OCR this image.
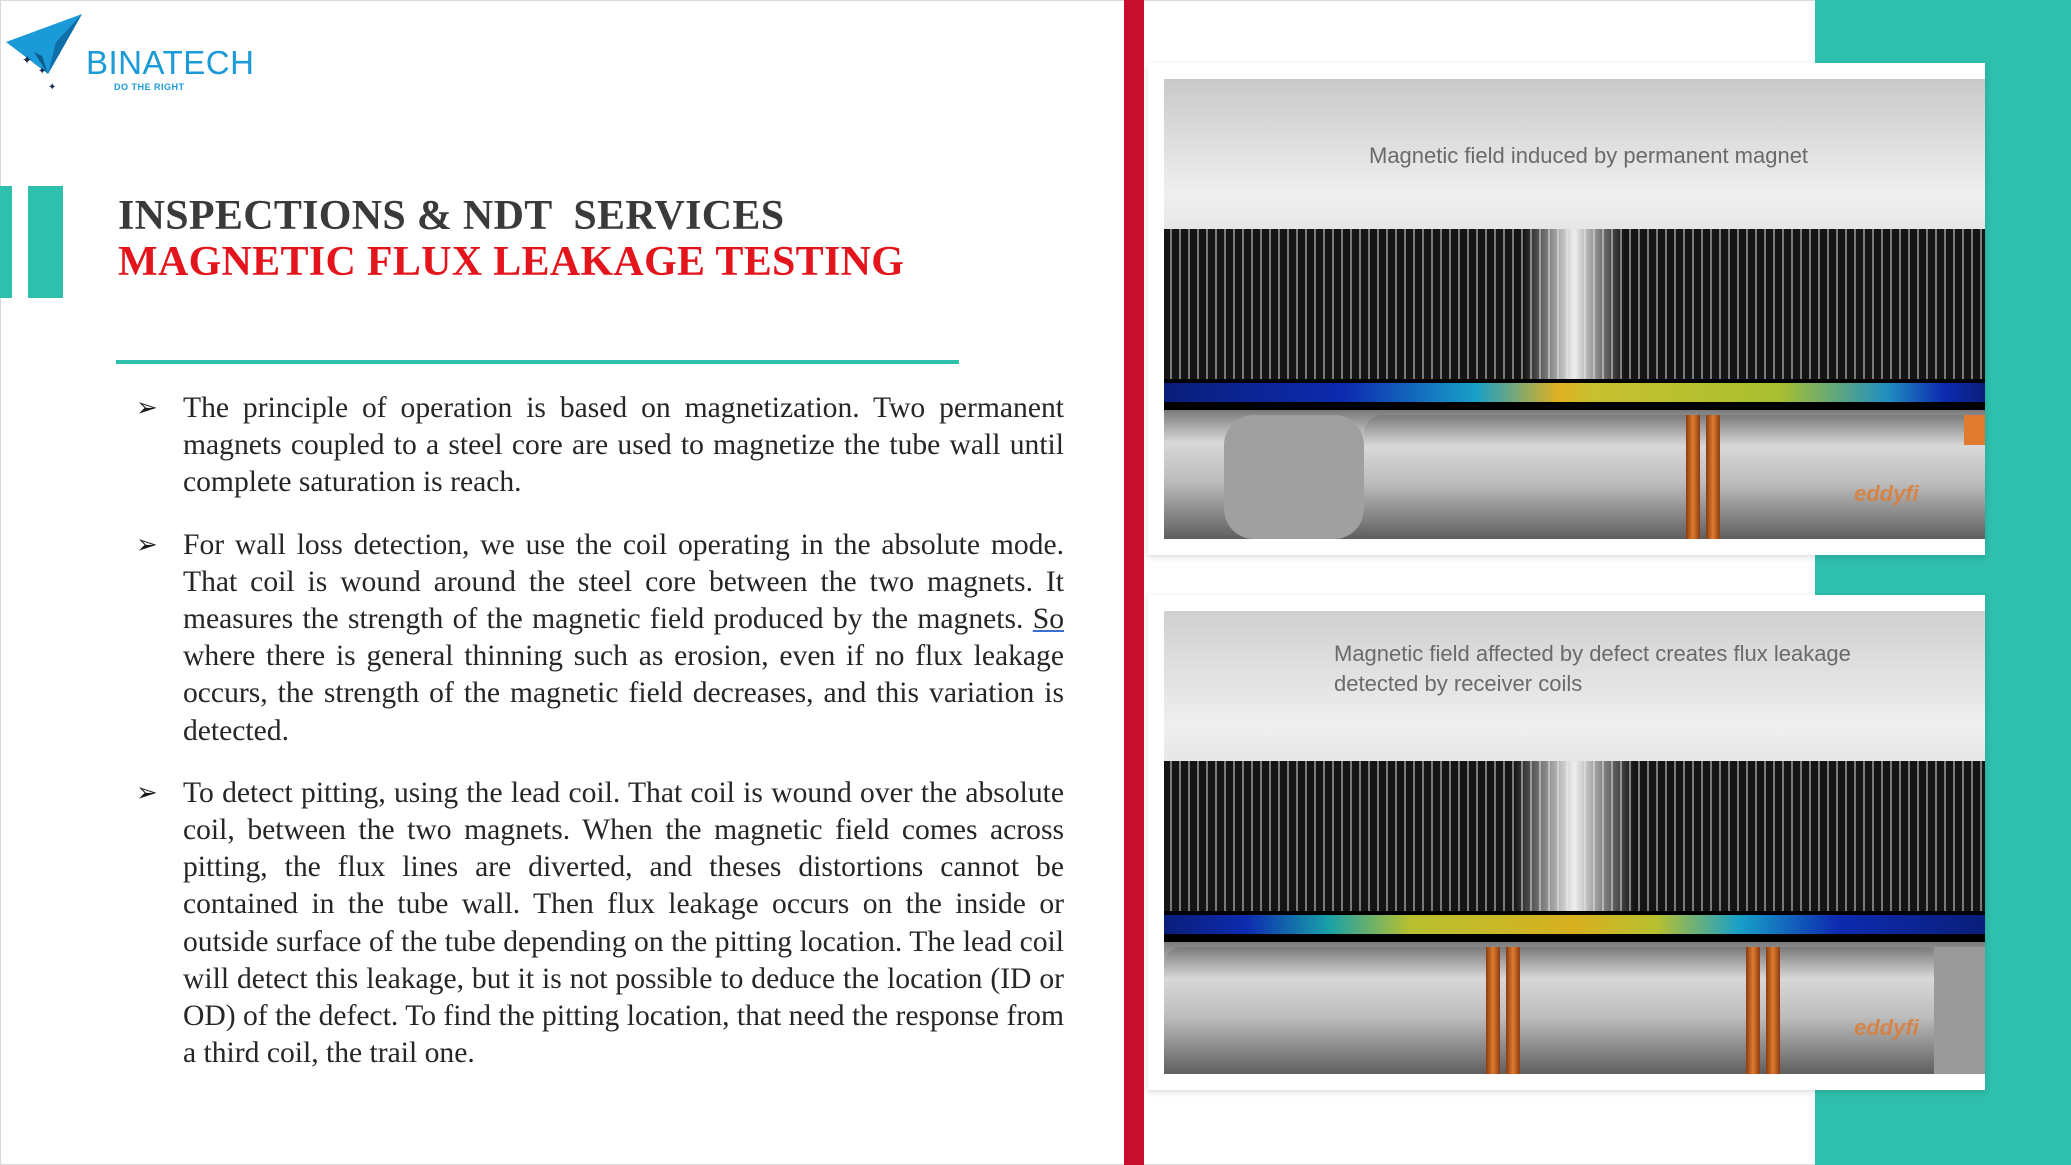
✦
✦
✦
BINATECH
DO THE RIGHT
INSPECTIONS & NDT  SERVICES
MAGNETIC FLUX LEAKAGE TESTING
➢ The principle of operation is based on magnetization. Two permanent magnets coupled to a steel core are used to magnetize the tube wall until complete saturation is reach.
➢ For wall loss detection, we use the coil operating in the absolute mode. That coil is wound around the steel core between the two magnets. It measures the strength of the magnetic field produced by the magnets. So where there is general thinning such as erosion, even if no flux leakage occurs, the strength of the magnetic field decreases, and this variation is detected.
➢ To detect pitting, using the lead coil. That coil is wound over the absolute coil, between the two magnets. When the magnetic field comes across pitting, the flux lines are diverted, and theses distortions cannot be contained in the tube wall. Then flux leakage occurs on the inside or outside surface of the tube depending on the pitting location. The lead coil will detect this leakage, but it is not possible to deduce the location (ID or OD) of the defect. To find the pitting location, that need the response from a third coil, the trail one.
Magnetic field induced by permanent magnet
eddyfi
Magnetic field affected by defect creates flux leakage
detected by receiver coils
eddyfi
